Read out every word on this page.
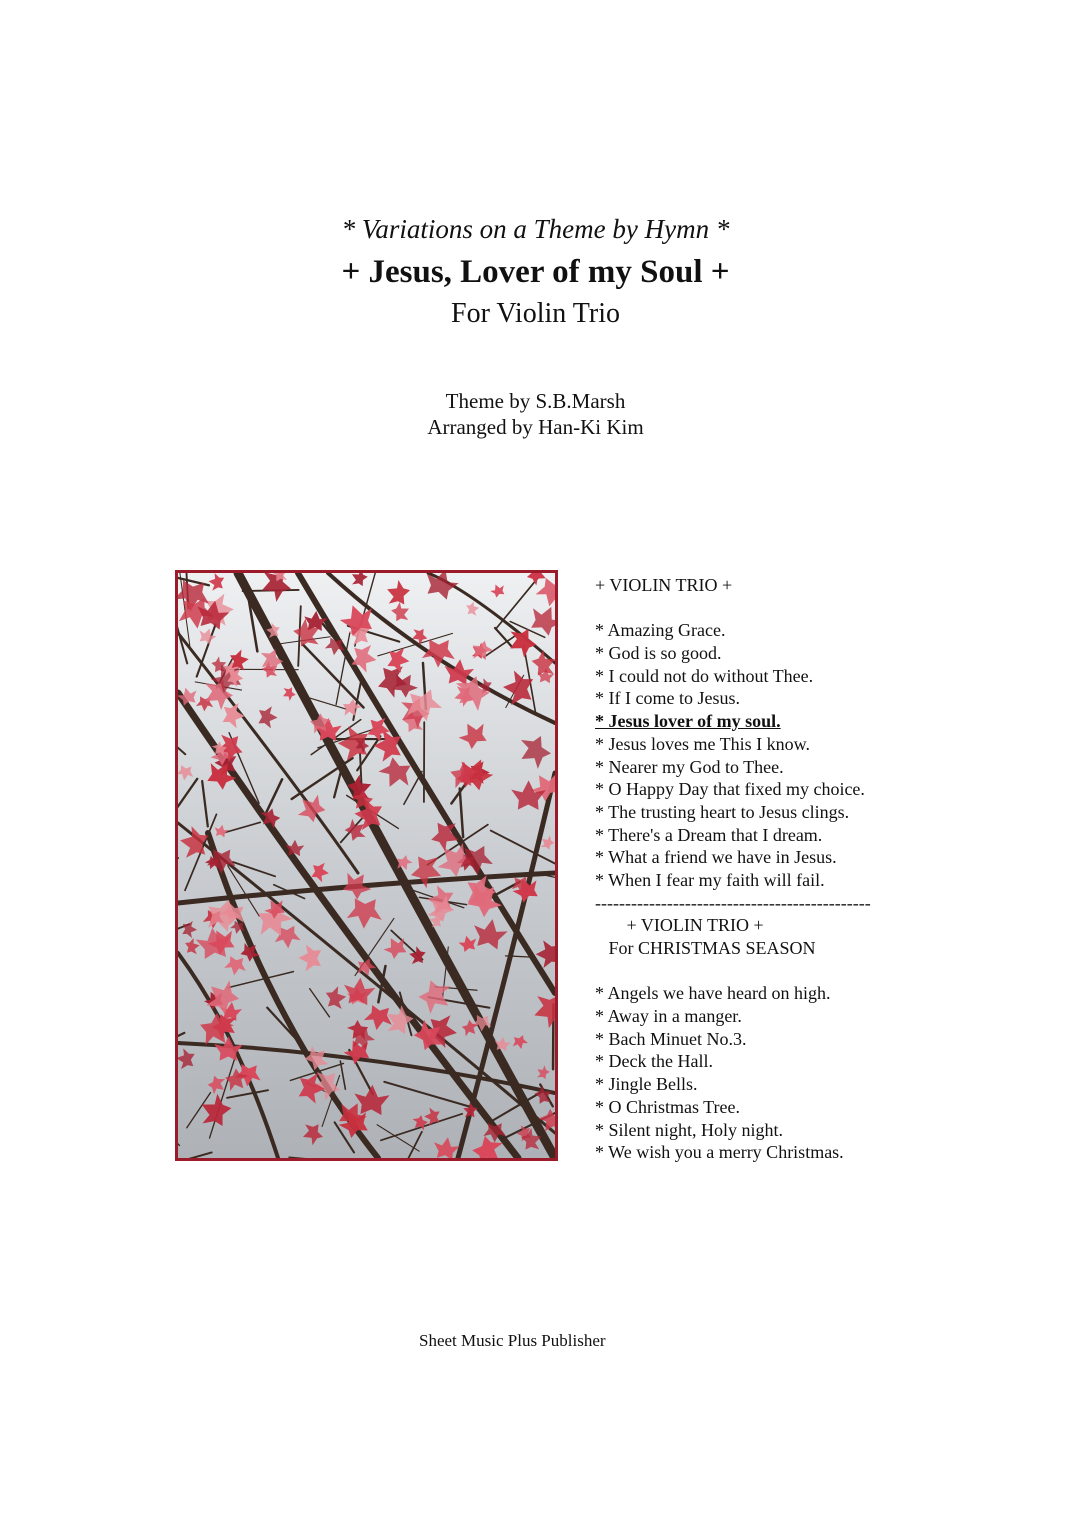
* Variations on a Theme by Hymn *
+ Jesus, Lover of my Soul +
For Violin Trio
Theme by S.B.Marsh
Arranged by Han-Ki Kim
+ VIOLIN TRIO +
* Amazing Grace.
* God is so good.
* I could not do without Thee.
* If I come to Jesus.
* Jesus lover of my soul.
* Jesus loves me This I know.
* Nearer my God to Thee.
* O Happy Day that fixed my choice.
* The trusting heart to Jesus clings.
* There's a Dream that I dream.
* What a friend we have in Jesus.
* When I fear my faith will fail.
----------------------------------------------
+ VIOLIN TRIO +
For CHRISTMAS SEASON
* Angels we have heard on high.
* Away in a manger.
* Bach Minuet No.3.
* Deck the Hall.
* Jingle Bells.
* O Christmas Tree.
* Silent night, Holy night.
* We wish you a merry Christmas.
Sheet Music Plus Publisher
